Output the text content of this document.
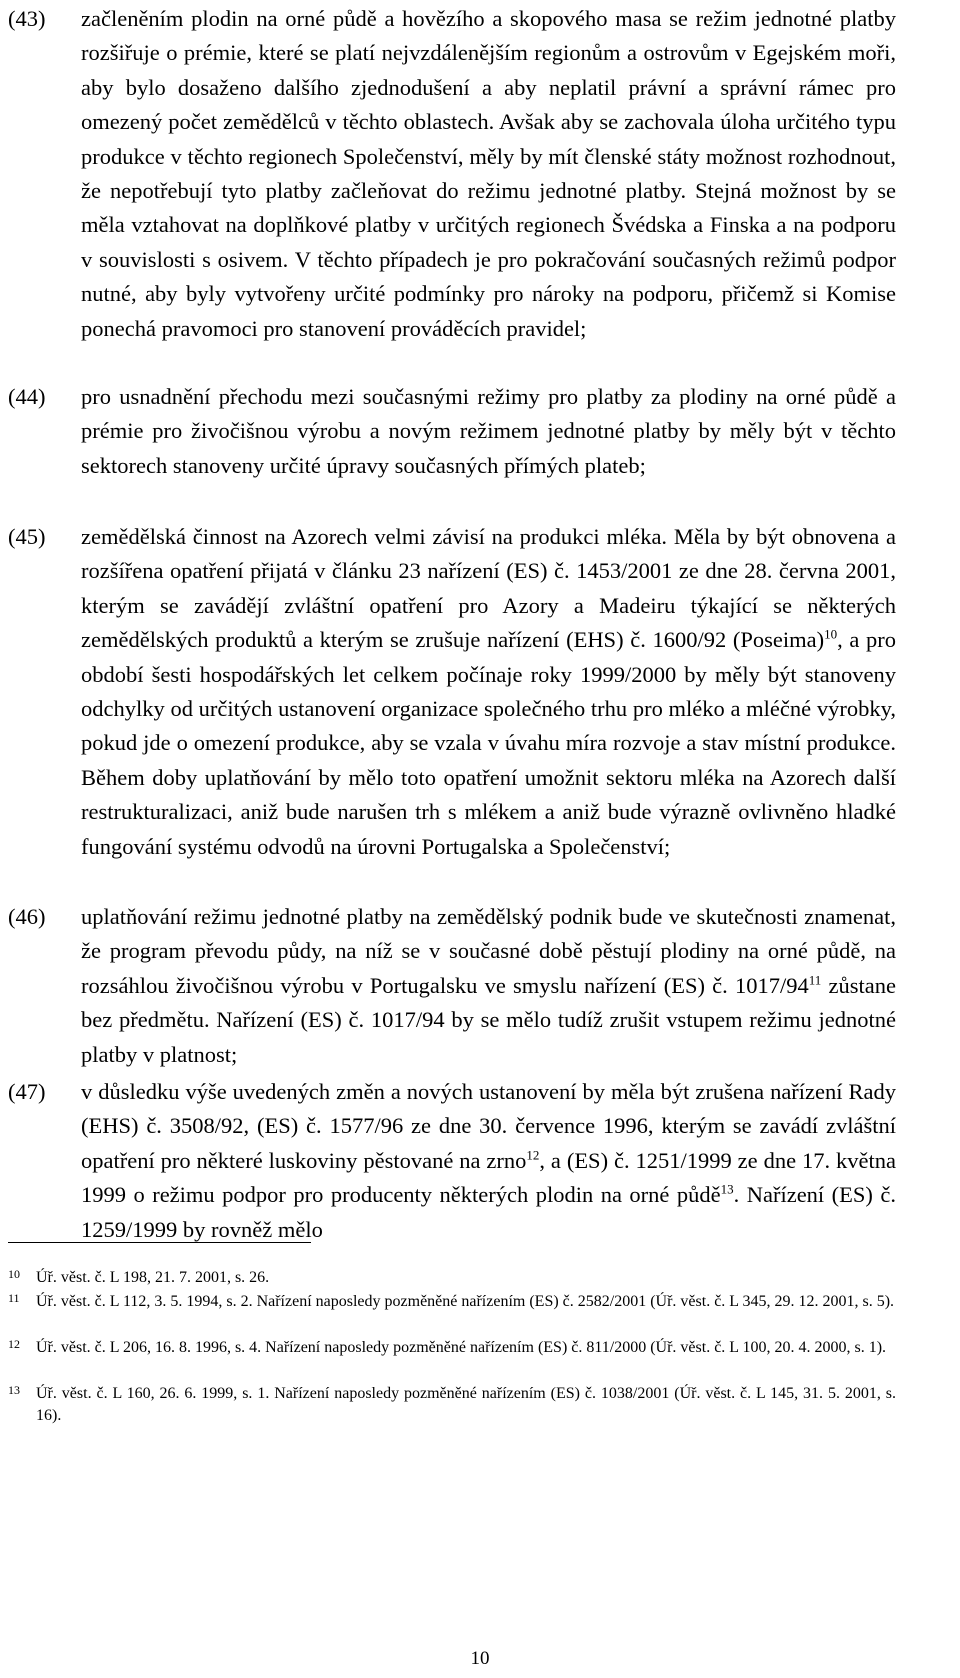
(43) začleněním plodin na orné půdě a hovězího a skopového masa se režim jednotné platby rozšiřuje o prémie, které se platí nejvzdálenějším regionům a ostrovům v Egejském moři, aby bylo dosaženo dalšího zjednodušení a aby neplatil právní a správní rámec pro omezený počet zemědělců v těchto oblastech. Avšak aby se zachovala úloha určitého typu produkce v těchto regionech Společenství, měly by mít členské státy možnost rozhodnout, že nepotřebují tyto platby začleňovat do režimu jednotné platby. Stejná možnost by se měla vztahovat na doplňkové platby v určitých regionech Švédska a Finska a na podporu v souvislosti s osivem. V těchto případech je pro pokračování současných režimů podpor nutné, aby byly vytvořeny určité podmínky pro nároky na podporu, přičemž si Komise ponechá pravomoci pro stanovení prováděcích pravidel;

(44) pro usnadnění přechodu mezi současnými režimy pro platby za plodiny na orné půdě a prémie pro živočišnou výrobu a novým režimem jednotné platby by měly být v těchto sektorech stanoveny určité úpravy současných přímých plateb;

(45) zemědělská činnost na Azorech velmi závisí na produkci mléka. Měla by být obnovena a rozšířena opatření přijatá v článku 23 nařízení (ES) č. 1453/2001 ze dne 28. června 2001, kterým se zavádějí zvláštní opatření pro Azory a Madeiru týkající se některých zemědělských produktů a kterým se zrušuje nařízení (EHS) č. 1600/92 (Poseima)$^{10}$, a pro období šesti hospodářských let celkem počínaje roky 1999/2000 by měly být stanoveny odchylky od určitých ustanovení organizace společného trhu pro mléko a mléčné výrobky, pokud jde o omezení produkce, aby se vzala v úvahu míra rozvoje a stav místní produkce. Během doby uplatňování by mělo toto opatření umožnit sektoru mléka na Azorech další restrukturalizaci, aniž bude narušen trh s mlékem a aniž bude výrazně ovlivněno hladké fungování systému odvodů na úrovni Portugalska a Společenství;

(46) uplatňování režimu jednotné platby na zemědělský podnik bude ve skutečnosti znamenat, že program převodu půdy, na níž se v současné době pěstují plodiny na orné půdě, na rozsáhlou živočišnou výrobu v Portugalsku ve smyslu nařízení (ES) č. $1017/94^{11}$ zůstane bez předmětu. Nařízení (ES) č. 1017/94 by se mělo tudíž zrušit vstupem režimu jednotné platby v platnost;

(47) v důsledku výše uvedených změn a nových ustanovení by měla být zrušena nařízení Rady (EHS) č. 3508/92, (ES) č. 1577/96 ze dne 30. července 1996, kterým se zavádí zvláštní opatření pro některé luskoviny pěstované na zrno$^{12}$, a (ES) č. 1251/1999 ze dne 17. května 1999 o režimu podpor pro producenty některých plodin na orné půdě$^{13}$. Nařízení (ES) č. 1259/1999 by rovněž mělo

10 Úř. věst. č. L 198, 21. 7. 2001, s. 26.

11 Úř. věst. č. L 112, 3. 5. 1994, s. 2. Nařízení naposledy pozměněné nařízením (ES) č. 2582/2001 (Úř. věst. č. L 345, 29. 12. 2001, s. 5).

12 Úř. věst. č. L 206, 16. 8. 1996, s. 4. Nařízení naposledy pozměněné nařízením (ES) č. 811/2000 (Úř. věst. č. L 100, 20. 4. 2000, s. 1).

13 Úř. věst. č. L 160, 26. 6. 1999, s. 1. Nařízení naposledy pozměněné nařízením (ES) č. 1038/2001 (Úř. věst. č. L 145, 31. 5. 2001, s. 16).

10
